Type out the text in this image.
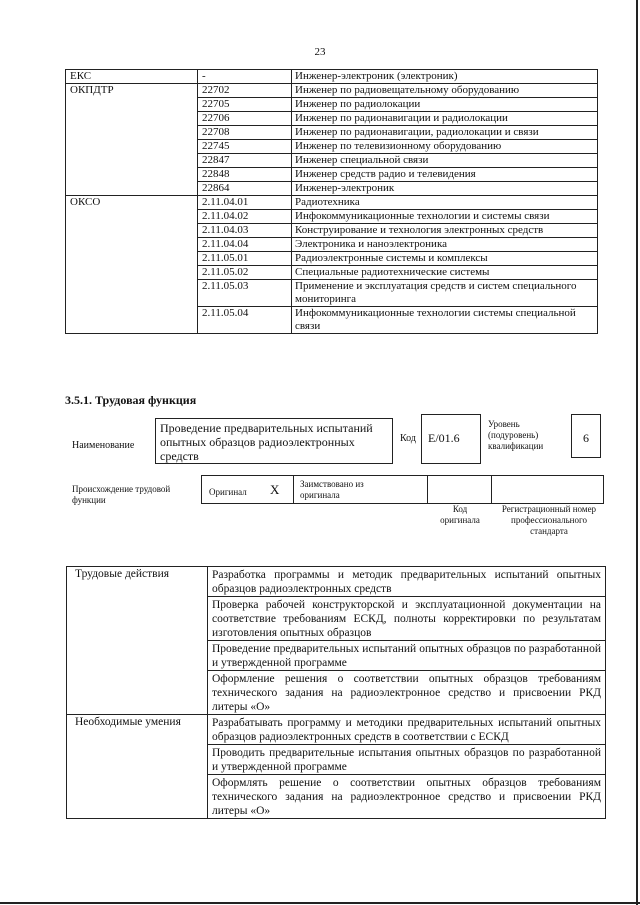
23
ЕКС	-	Инженер-электроник (электроник)
ОКПДТР	22702	Инженер по радиовещательному оборудованию
	22705	Инженер по радиолокации
	22706	Инженер по радионавигации и радиолокации
	22708	Инженер по радионавигации, радиолокации и связи
	22745	Инженер по телевизионному оборудованию
	22847	Инженер специальной связи
	22848	Инженер средств радио и телевидения
	22864	Инженер-электроник
ОКСО	2.11.04.01	Радиотехника
	2.11.04.02	Инфокоммуникационные технологии и системы связи
	2.11.04.03	Конструирование и технология электронных средств
	2.11.04.04	Электроника и наноэлектроника
	2.11.05.01	Радиоэлектронные системы и комплексы
	2.11.05.02	Специальные радиотехнические системы
	2.11.05.03	Применение и эксплуатация средств и систем специального мониторинга
	2.11.05.04	Инфокоммуникационные технологии системы специальной связи
3.5.1. Трудовая функция
Наименование
Проведение предварительных испытаний опытных образцов радиоэлектронных средств
Код	E/01.6
Уровень (подуровень) квалификации
6
Происхождение трудовой функции
Оригинал X Заимствовано из оригинала
Код оригинала
Регистрационный номер профессионального стандарта
Трудовые действия	Разработка программы и методик предварительных испытаний опытных образцов радиоэлектронных средств
	Проверка рабочей конструкторской и эксплуатационной документации на соответствие требованиям ЕСКД, полноты корректировки по результатам изготовления опытных образцов
	Проведение предварительных испытаний опытных образцов по разработанной и утвержденной программе
	Оформление решения о соответствии опытных образцов требованиям технического задания на радиоэлектронное средство и присвоении РКД литеры «О»
Необходимые умения	Разрабатывать программу и методики предварительных испытаний опытных образцов радиоэлектронных средств в соответствии с ЕСКД
	Проводить предварительные испытания опытных образцов по разработанной и утвержденной программе
	Оформлять решение о соответствии опытных образцов требованиям технического задания на радиоэлектронное средство и присвоении РКД литеры «О»
